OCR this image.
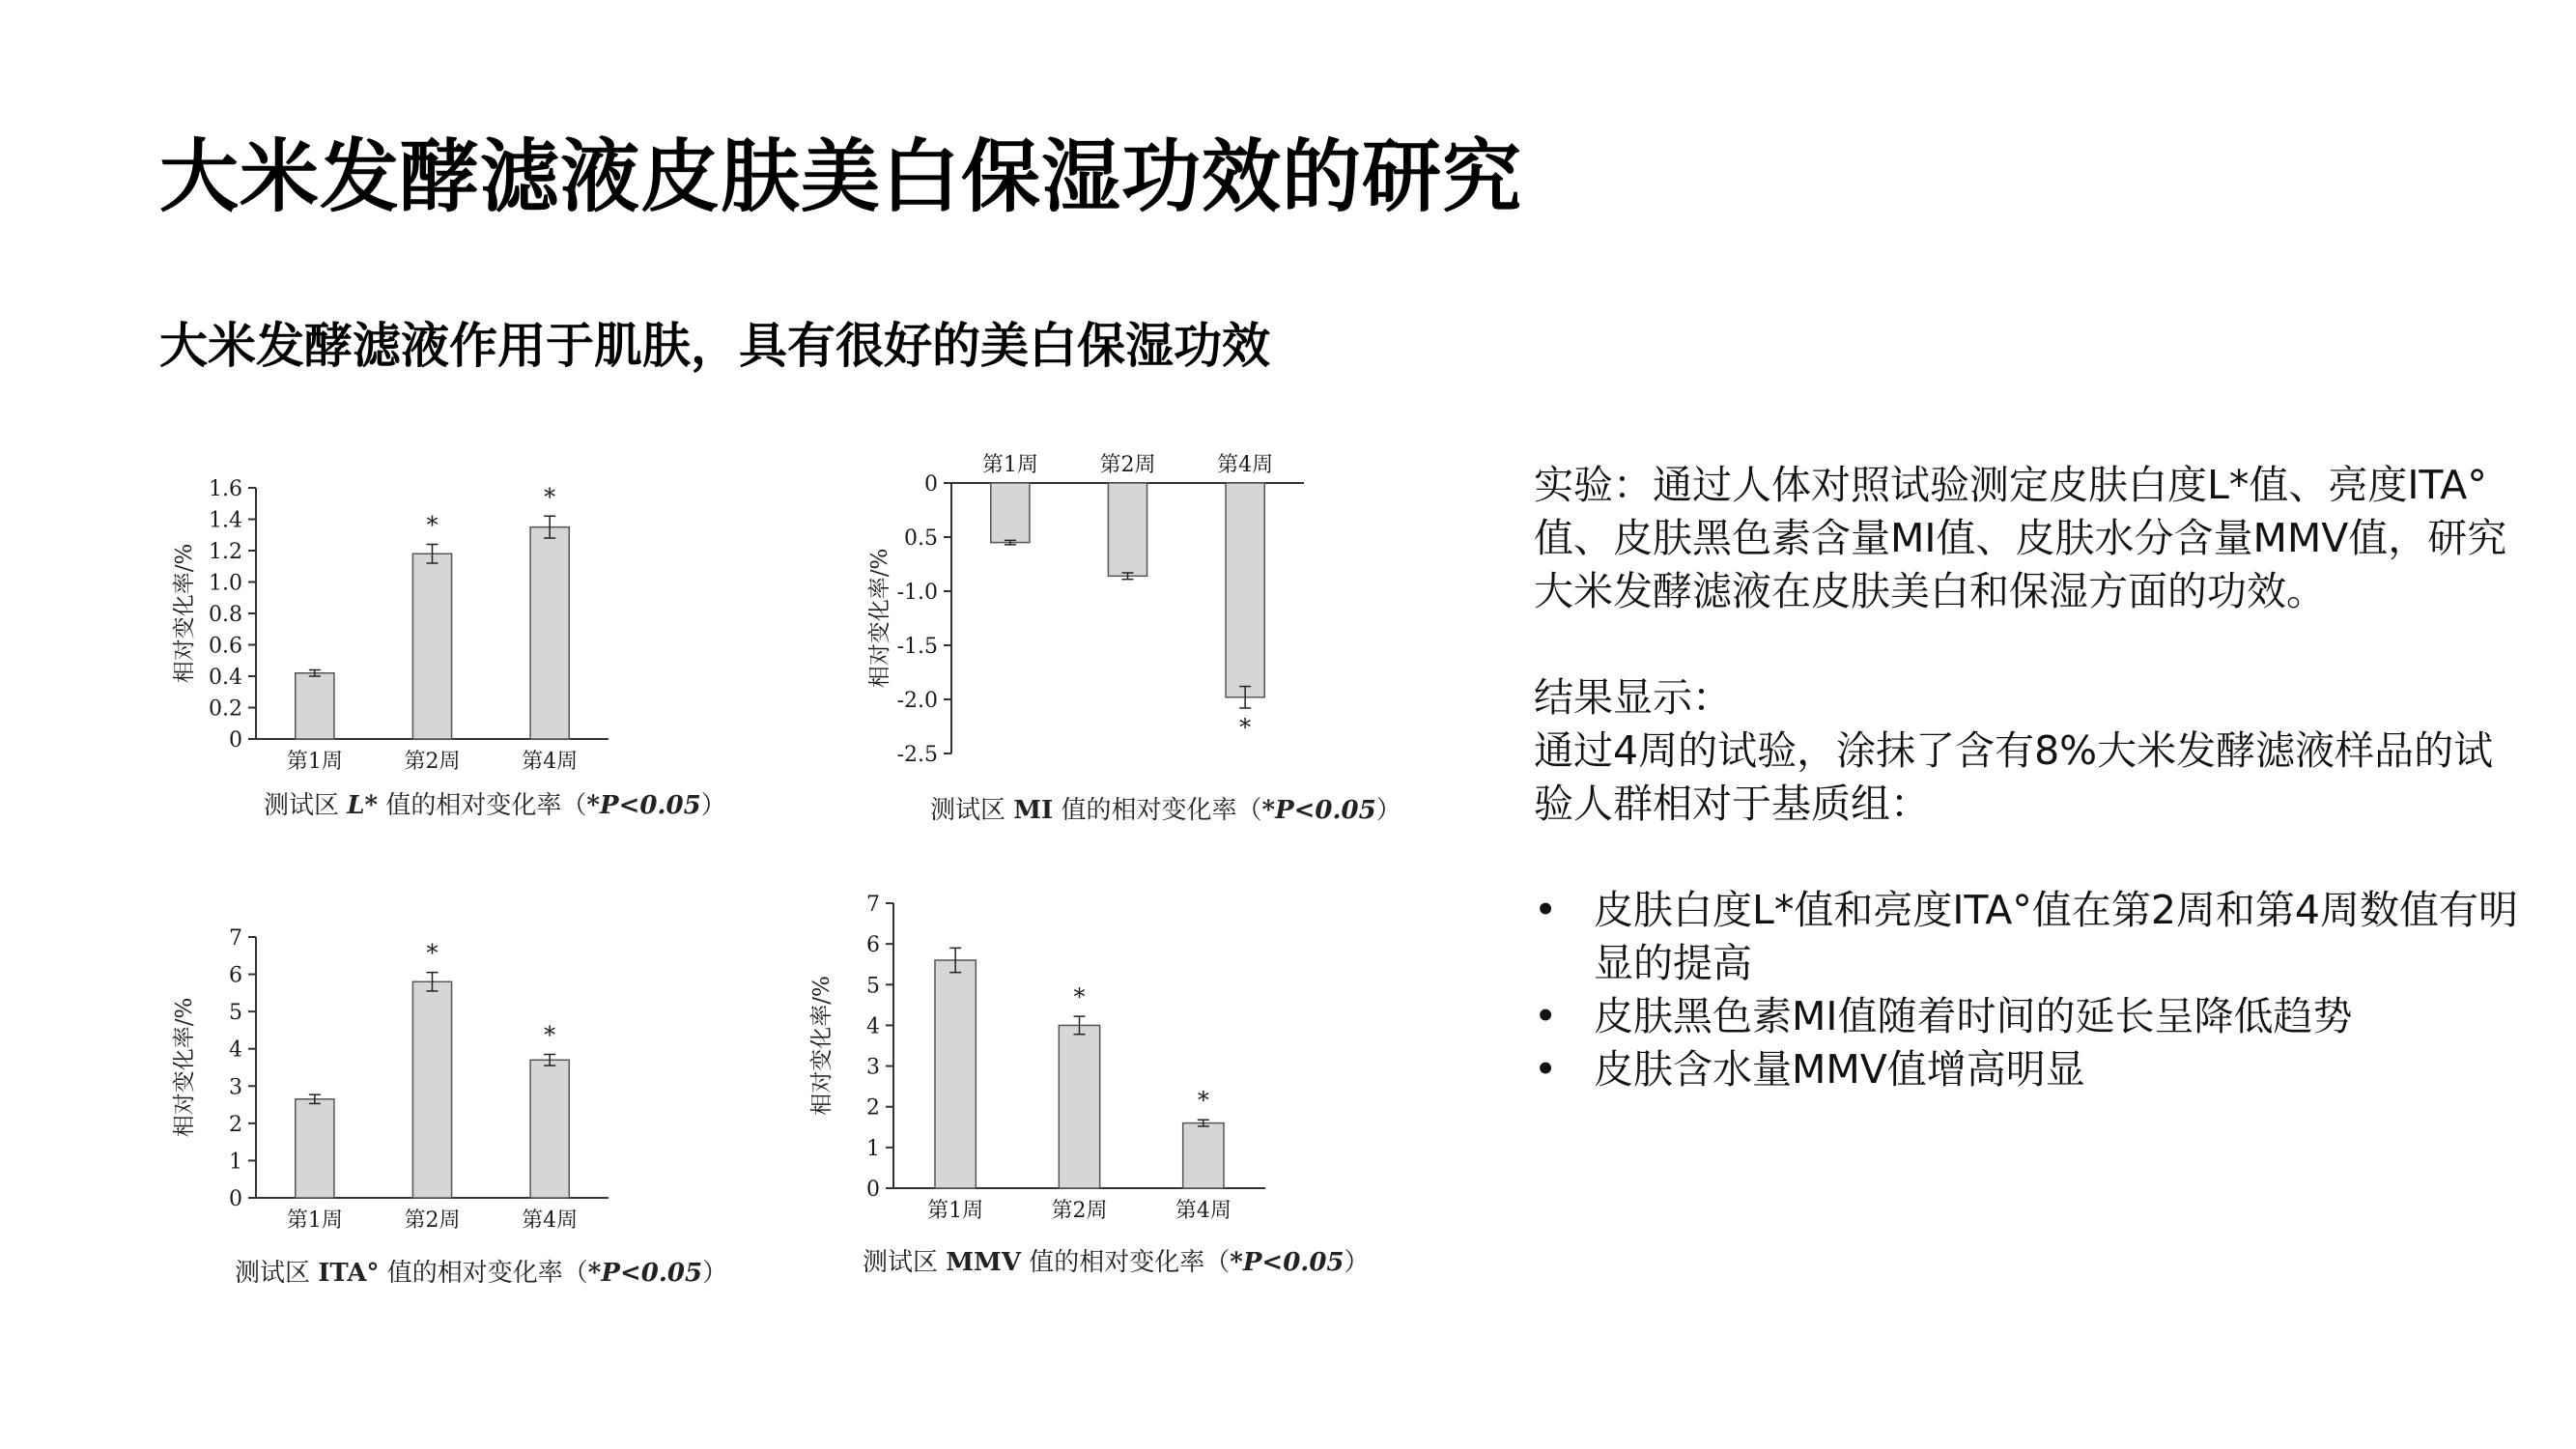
大米发酵滤液皮肤美白保湿功效的研究
大米发酵滤液作用于肌肤，具有很好的美白保湿功效
0
0.2
0.4
0.6
0.8
1.0
1.2
1.4
1.6
相对变化率/%
第1周
*
第2周
*
第4周
测试区 L* 值的相对变化率（*P<0.05）
0
0.5
-1.0
-1.5
-2.0
-2.5
相对变化率/%
第1周	第2周
*
第4周
测试区 MI 值的相对变化率（*P<0.05）
0
1
2
3
4
5
6
7
相对变化率/%
第1周
*
第2周
*
第4周
测试区 ITA° 值的相对变化率（*P<0.05）
0
1
2
3
4
5
6
7
相对变化率/%
第1周
*
第2周
*
第4周
测试区 MMV 值的相对变化率（*P<0.05）

实验：通过人体对照试验测定皮肤白度L*值、亮度ITA°值、皮肤黑色素含量MI值、皮肤水分含量MMV值，研究大米发酵滤液在皮肤美白和保湿方面的功效。

结果显示：

通过4周的试验，涂抹了含有8%大米发酵滤液样品的试验人群相对于基质组：

• 皮肤白度L*值和亮度ITA°值在第2周和第4周数值有明显的提高
• 皮肤黑色素MI值随着时间的延长呈降低趋势
• 皮肤含水量MMV值增高明显
